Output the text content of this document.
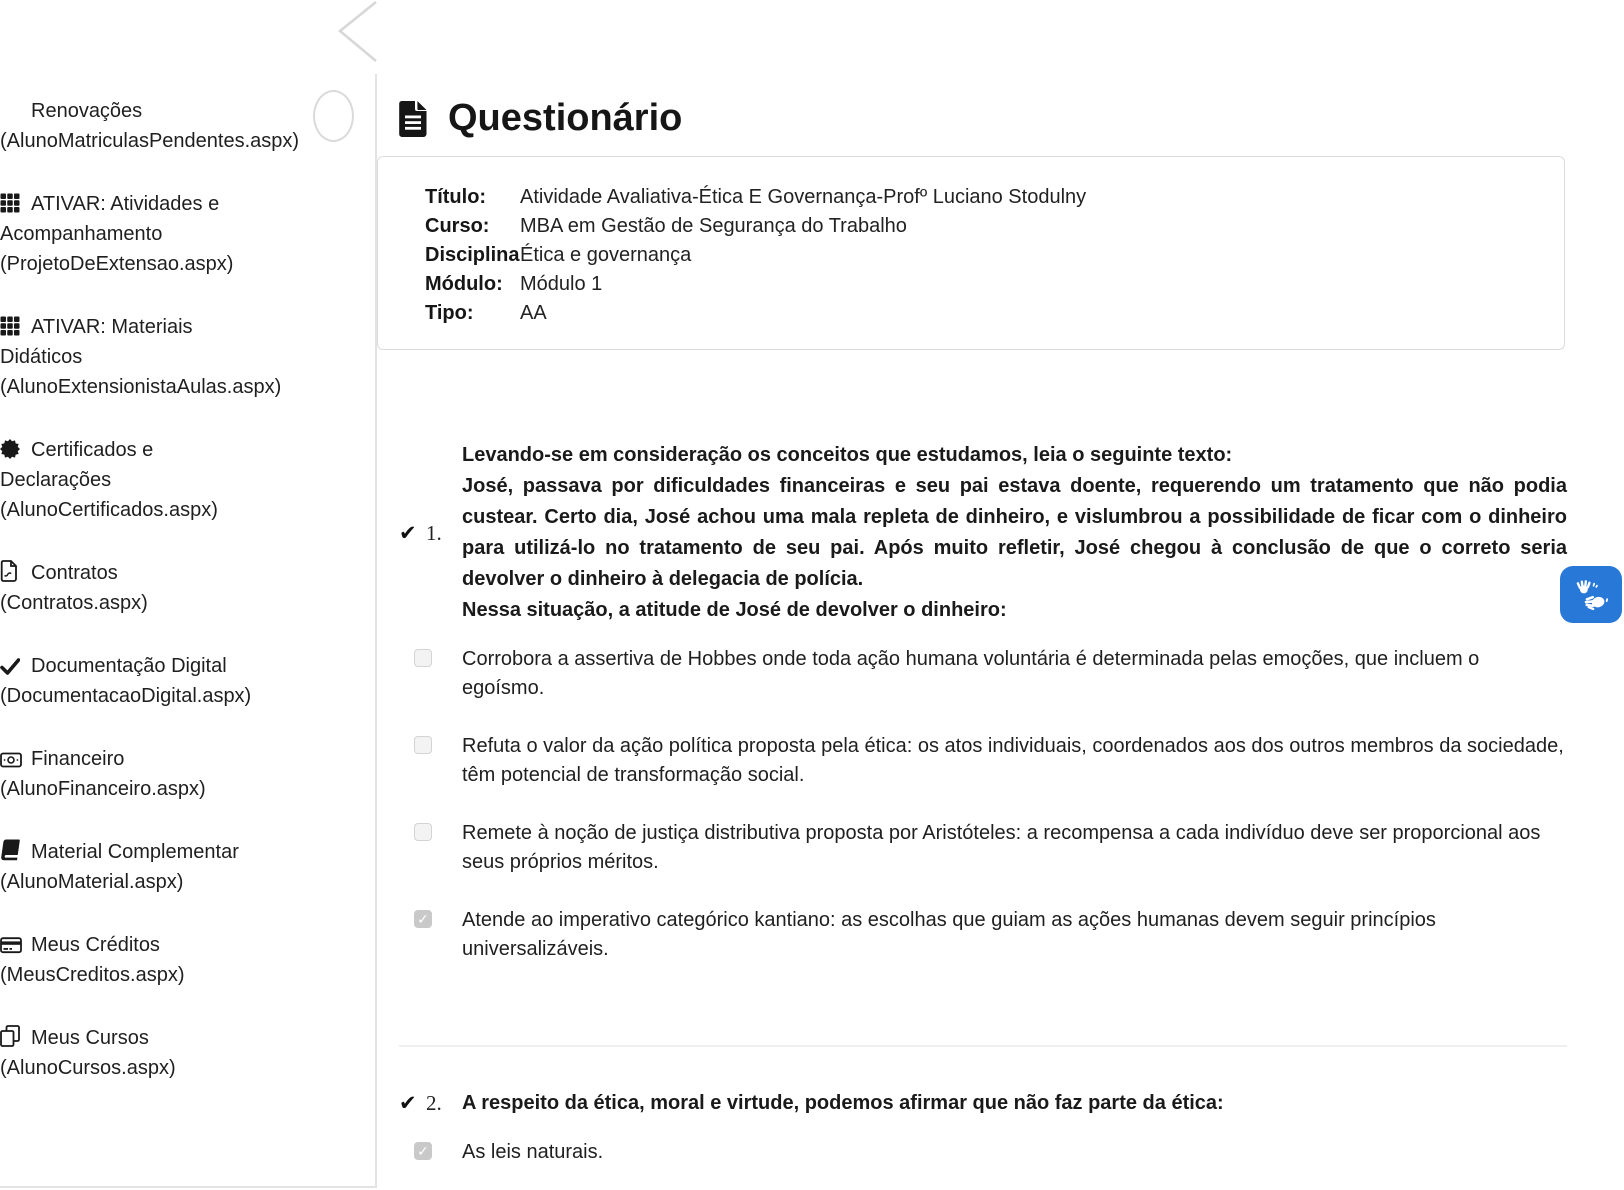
Renovações
(AlunoMatriculasPendentes.aspx)
ATIVAR: Atividades e Acompanhamento
(ProjetoDeExtensao.aspx)
ATIVAR: Materiais Didáticos
(AlunoExtensionistaAulas.aspx)
Certificados e Declarações
(AlunoCertificados.aspx)
Contratos
(Contratos.aspx)
Documentação Digital
(DocumentacaoDigital.aspx)
Financeiro
(AlunoFinanceiro.aspx)
Material Complementar
(AlunoMaterial.aspx)
Meus Créditos
(MeusCreditos.aspx)
Meus Cursos
(AlunoCursos.aspx)
Questionário
Título:	Atividade Avaliativa-Ética E Governança-Profº Luciano Stodulny
Curso:	MBA em Gestão de Segurança do Trabalho
Disciplina Ética e governança
Módulo: Módulo 1
Tipo:	AA
✔ 1.

Levando-se em consideração os conceitos que estudamos, leia o seguinte texto:

José, passava por dificuldades financeiras e seu pai estava doente, requerendo um tratamento que não podia custear. Certo dia, José achou uma mala repleta de dinheiro, e vislumbrou a possibilidade de ficar com o dinheiro para utilizá-lo no tratamento de seu pai. Após muito refletir, José chegou à conclusão de que o correto seria devolver o dinheiro à delegacia de polícia.

Nessa situação, a atitude de José de devolver o dinheiro:

Corrobora a assertiva de Hobbes onde toda ação humana voluntária é determinada pelas emoções, que incluem o egoísmo.
Refuta o valor da ação política proposta pela ética: os atos individuais, coordenados aos dos outros membros da sociedade, têm potencial de transformação social.
Remete à noção de justiça distributiva proposta por Aristóteles: a recompensa a cada indivíduo deve ser proporcional aos seus próprios méritos.
✓
Atende ao imperativo categórico kantiano: as escolhas que guiam as ações humanas devem seguir princípios universalizáveis.
✔ 2.	A respeito da ética, moral e virtude, podemos afirmar que não faz parte da ética:

✓
As leis naturais.
